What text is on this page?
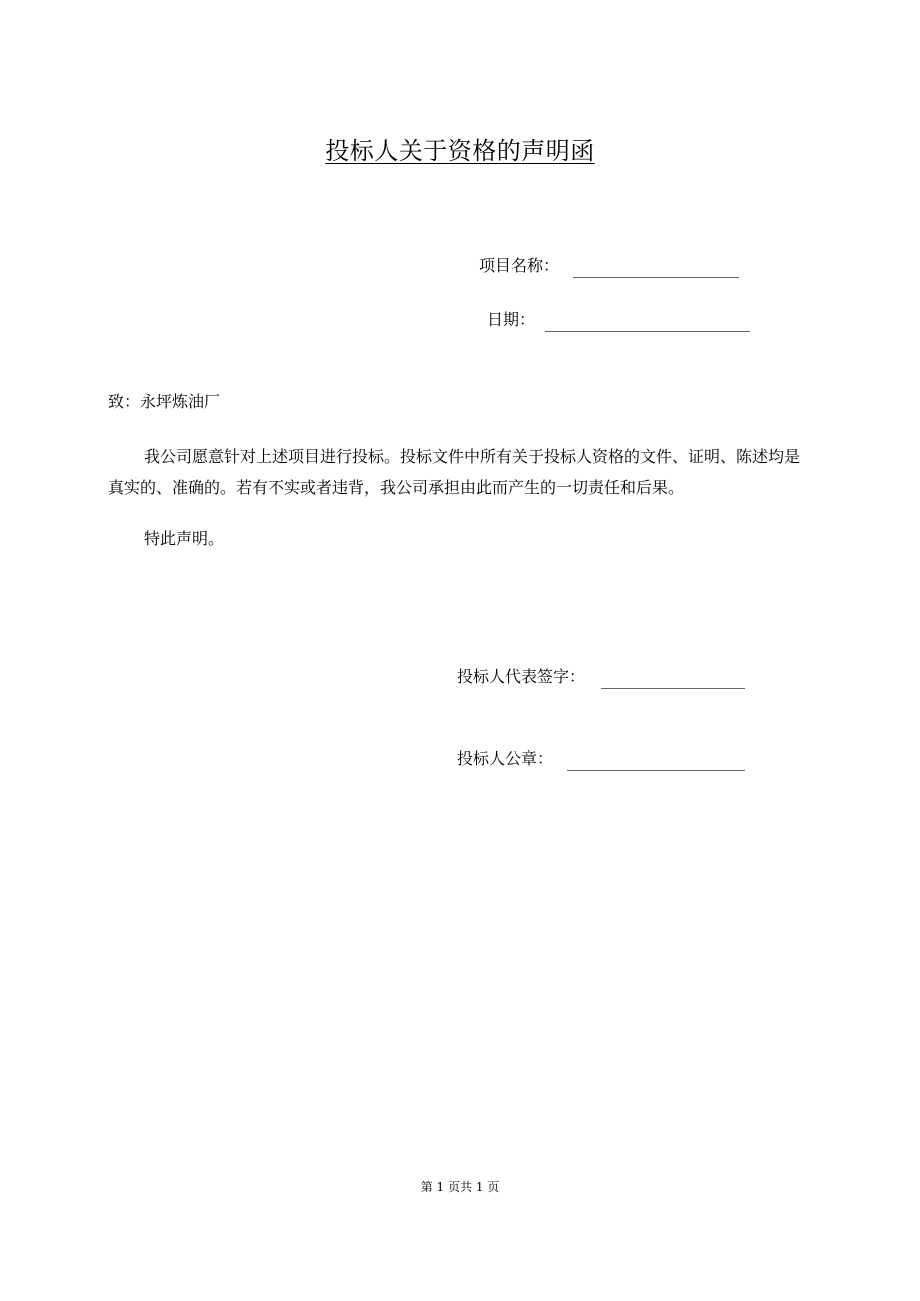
投标人关于资格的声明函
项目名称：
日期：
致：永坪炼油厂
我公司愿意针对上述项目进行投标。投标文件中所有关于投标人资格的文件、证明、陈述均是真实的、准确的。若有不实或者违背，我公司承担由此而产生的一切责任和后果。
特此声明。
投标人代表签字：
投标人公章：
第 1 页共 1 页
